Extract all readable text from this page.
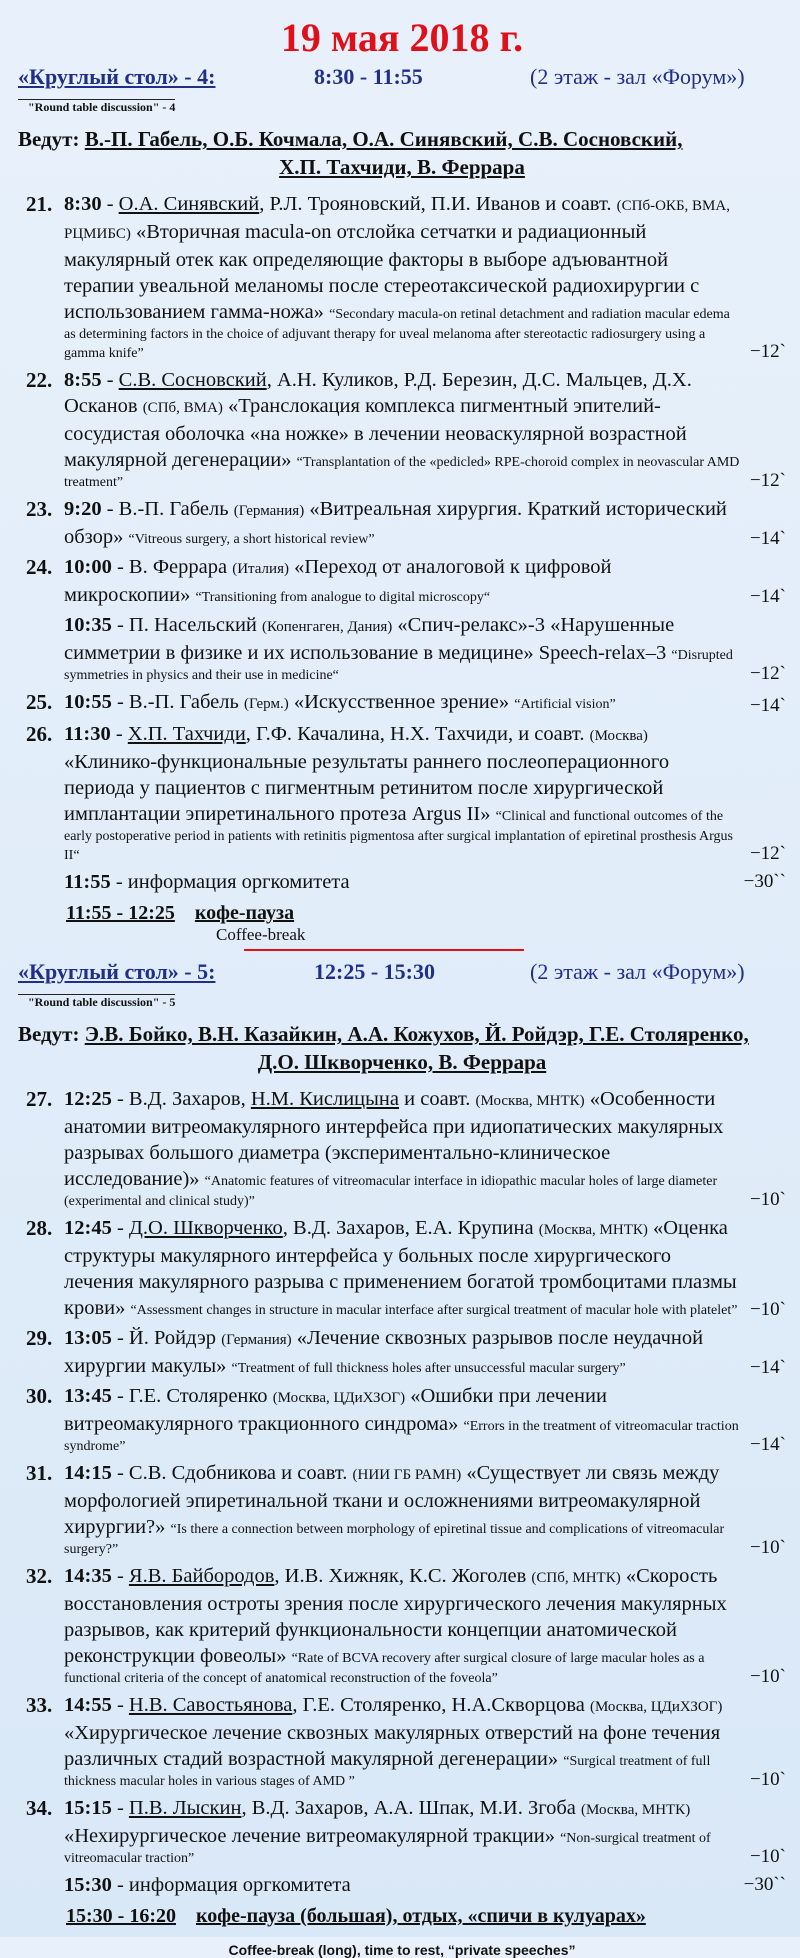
19 мая 2018 г.
«Круглый стол» - 4:	8:30 - 11:55	(2 этаж - зал «Форум»)
"Round table discussion" - 4
Ведут: В.-П. Габель, О.Б. Кочмала, О.А. Синявский, С.В. Сосновский,
Х.П. Тахчиди, В. Феррара
21. 8:30 - О.А. Синявский, Р.Л. Трояновский, П.И. Иванов и соавт. (СПб-ОКБ, ВМА, РЦМИБС) «Вторичная macula-on отслойка сетчатки и радиационный макулярный отек как определяющие факторы в выборе адъювантной терапии увеальной меланомы после стереотаксической радиохирургии с использованием гамма-ножа» “Secondary macula-on retinal detachment and radiation macular edema as determining factors in the choice of adjuvant therapy for uveal melanoma after stereotactic radiosurgery using a gamma knife”	−12`
22. 8:55 - С.В. Сосновский, А.Н. Куликов, Р.Д. Березин, Д.С. Мальцев, Д.Х. Осканов (СПб, ВМА) «Транслокация комплекса пигментный эпителий-сосудистая оболочка «на ножке» в лечении неоваскулярной возрастной макулярной дегенерации» “Transplantation of the «pedicled» RPE-choroid complex in neovascular AMD treatment”	−12`
23. 9:20 - В.-П. Габель (Германия) «Витреальная хирургия. Краткий исторический обзор» “Vitreous surgery, a short historical review”	−14`
24. 10:00 - В. Феррара (Италия) «Переход от аналоговой к цифровой микроскопии» “Transitioning from analogue to digital microscopy“	−14`
10:35 - П. Насельский (Копенгаген, Дания) «Спич-релакс»-3 «Нарушенные симметрии в физике и их использование в медицине» Speech-relax–3 “Disrupted symmetries in physics and their use in medicine“	−12`
25. 10:55 - В.-П. Габель (Герм.) «Искусственное зрение» “Artificial vision”	−14`
26. 11:30 - Х.П. Тахчиди, Г.Ф. Качалина, Н.Х. Тахчиди, и соавт. (Москва) «Клинико-функциональные результаты раннего послеоперационного периода у пациентов с пигментным ретинитом после хирургической имплантации эпиретинального протеза Argus II» “Clinical and functional outcomes of the early postoperative period in patients with retinitis pigmentosa after surgical implantation of epiretinal prosthesis Argus II“	−12`
11:55 - информация оргкомитета	−30``
11:55 - 12:25 кофе-пауза
Coffee-break
«Круглый стол» - 5:	12:25 - 15:30	(2 этаж - зал «Форум»)
"Round table discussion" - 5
Ведут: Э.В. Бойко, В.Н. Казайкин, А.А. Кожухов, Й. Ройдэр, Г.Е. Столяренко,
Д.О. Шкворченко, В. Феррара
27. 12:25 - В.Д. Захаров, Н.М. Кислицына и соавт. (Москва, МНТК) «Особенности анатомии витреомакулярного интерфейса при идиопатических макулярных разрывах большого диаметра (экспериментально-клиническое исследование)» “Anatomic features of vitreomacular interface in idiopathic macular holes of large diameter (experimental and clinical study)”	−10`
28. 12:45 - Д.О. Шкворченко, В.Д. Захаров, Е.А. Крупина (Москва, МНТК) «Оценка структуры макулярного интерфейса у больных после хирургического лечения макулярного разрыва с применением богатой тромбоцитами плазмы крови» “Assessment changes in structure in macular interface after surgical treatment of macular hole with platelet” −10`
29. 13:05 - Й. Ройдэр (Германия) «Лечение сквозных разрывов после неудачной хирургии макулы» “Treatment of full thickness holes after unsuccessful macular surgery”	−14`
30. 13:45 - Г.Е. Столяренко (Москва, ЦДиХЗОГ) «Ошибки при лечении витреомакулярного тракционного синдрома» “Errors in the treatment of vitreomacular traction syndrome”	−14`
31. 14:15 - С.В. Сдобникова и соавт. (НИИ ГБ РАМН) «Существует ли связь между морфологией эпиретинальной ткани и осложнениями витреомакулярной хирургии?» “Is there a connection between morphology of epiretinal tissue and complications of vitreomacular surgery?”	−10`
32. 14:35 - Я.В. Байбородов, И.В. Хижняк, К.С. Жоголев (СПб, МНТК) «Скорость восстановления остроты зрения после хирургического лечения макулярных разрывов, как критерий функциональности концепции анатомической реконструкции фовеолы» “Rate of BCVA recovery after surgical closure of large macular holes as a functional criteria of the concept of anatomical reconstruction of the foveola”	−10`
33. 14:55 - Н.В. Савостьянова, Г.Е. Столяренко, Н.А.Скворцова (Москва, ЦДиХЗОГ) «Хирургическое лечение сквозных макулярных отверстий на фоне течения различных стадий возрастной макулярной дегенерации» “Surgical treatment of full thickness macular holes in various stages of AMD ”	−10`
34. 15:15 - П.В. Лыскин, В.Д. Захаров, А.А. Шпак, М.И. Згоба (Москва, МНТК) «Нехирургическое лечение витреомакулярной тракции» “Non-surgical treatment of vitreomacular traction”	−10`
15:30 - информация оргкомитета	−30``
15:30 - 16:20 кофе-пауза (большая), отдых, «спичи в кулуарах»
Coffee-break (long), time to rest, “private speeches”
